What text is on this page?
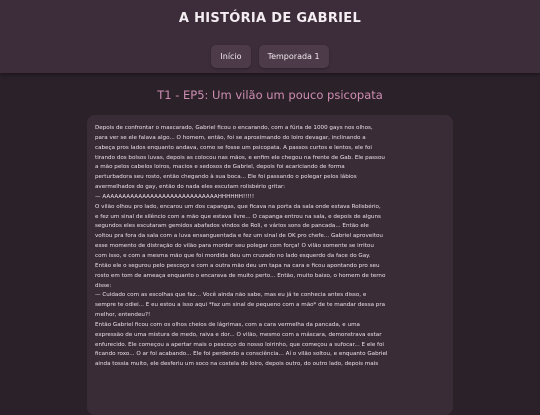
A HISTÓRIA DE GABRIEL
Início	Temporada 1
T1 - EP5: Um vilão um pouco psicopata
Depois de confrontar o mascarado, Gabriel ficou o encarando, com a fúria de 1000 gays nos olhos,
para ver se ele falava algo... O homem, então, foi se aproximando do loiro devagar, inclinando a
cabeça pros lados enquanto andava, como se fosse um psicopata. A passos curtos e lentos, ele foi
tirando dos bolsos luvas, depois as colocou nas mãos, e enfim ele chegou na frente de Gab. Ele passou
a mão pelos cabelos loiros, macios e sedosos de Gabriel, depois foi acariciando de forma
perturbadora seu rosto, então chegando à sua boca... Ele foi passando o polegar pelos lábios
avermelhados do gay, então do nada eles escutam rolisbério gritar:
— AAAAAAAAAAAAAAAAAAAAAAAAAAAAAHHHHHH!!!!!
O vilão olhou pro lado, encarou um dos capangas, que ficava na porta da sala onde estava Rolisbério,
e fez um sinal de silêncio com a mão que estava livre... O capanga entrou na sala, e depois de alguns
segundos eles escutaram gemidos abafados vindos de Roli, e vários sons de pancada... Então ele
voltou pra fora da sala com a luva ensanguentada e fez um sinal de OK pro chefe... Gabriel aproveitou
esse momento de distração do vilão para morder seu polegar com força! O vilão somente se irritou
com isso, e com a mesma mão que foi mordida deu um cruzado no lado esquerdo da face do Gay.
Então ele o segurou pelo pescoço e com a outra mão deu um tapa na cara e ficou apontando pro seu
rosto em tom de ameaça enquanto o encarava de muito perto... Então, muito baixo, o homem de terno
disse:
— Cuidado com as escolhas que faz... Você ainda não sabe, mas eu já te conhecia antes disso, e
sempre te odiei... E eu estou a isso aqui *faz um sinal de pequeno com a mão* de te mandar dessa pra
melhor, entendeu?!
Então Gabriel ficou com os olhos cheios de lágrimas, com a cara vermelha da pancada, e uma
expressão de uma mistura de medo, raiva e dor... O vilão, mesmo com a máscara, demonstrava estar
enfurecido. Ele começou a apertar mais o pescoço do nosso loirinho, que começou a sufocar... E ele foi
ficando roxo... O ar foi acabando... Ele foi perdendo a consciência... Aí o vilão soltou, e enquanto Gabriel
ainda tossia muito, ele desferiu um soco na costela do loiro, depois outro, do outro lado, depois mais
